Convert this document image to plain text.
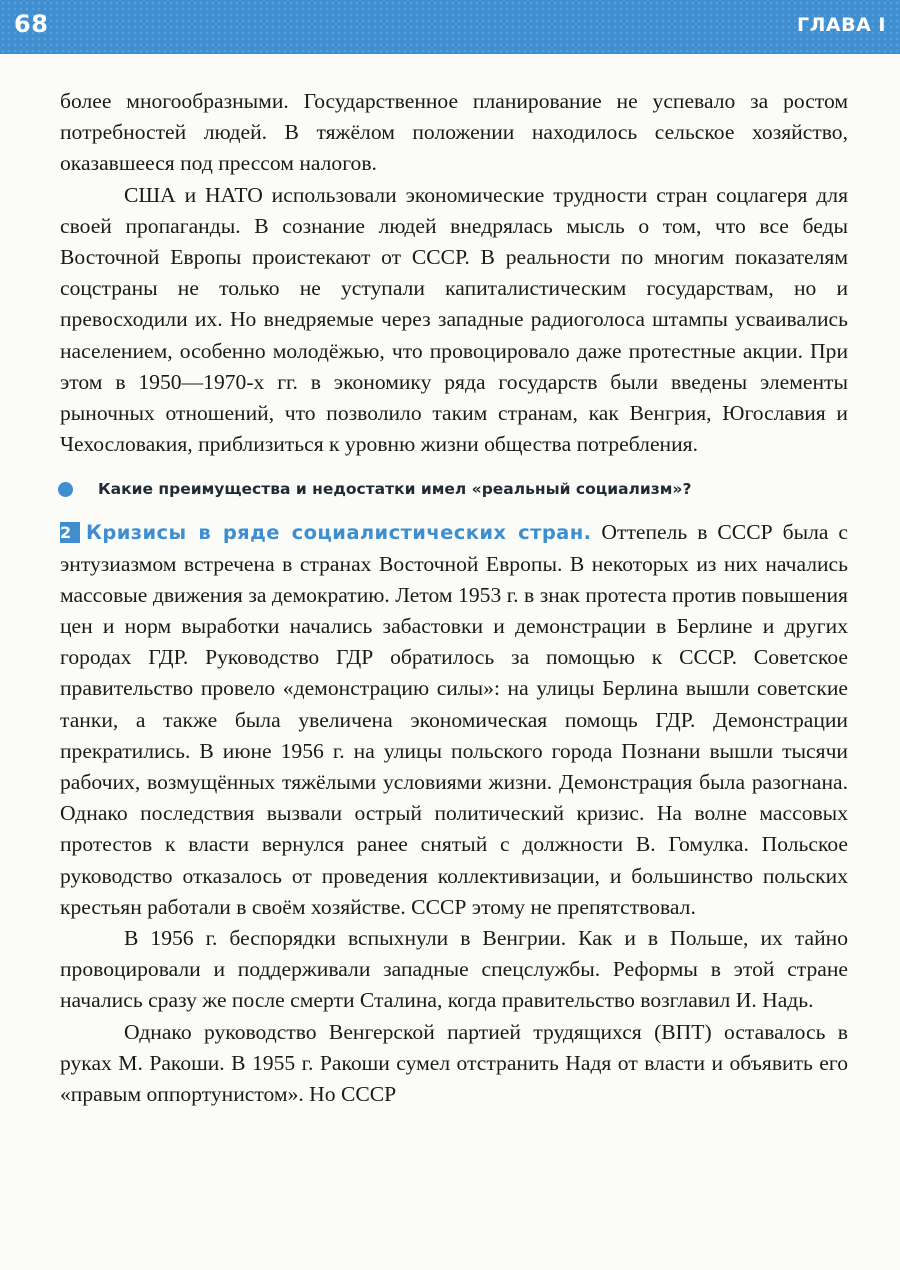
68	ГЛАВА I

более многообразными. Государственное планирование не успевало за ростом потребностей людей. В тяжёлом положении находилось сельское хозяйство, оказавшееся под прессом налогов.

США и НАТО использовали экономические трудности стран соцлагеря для своей пропаганды. В сознание людей внедрялась мысль о том, что все беды Восточной Европы проистекают от СССР. В реальности по многим показателям соцстраны не только не уступали капиталистическим государствам, но и превосходили их. Но внедряемые через западные радиоголоса штампы усваивались населением, особенно молодёжью, что провоцировало даже протестные акции. При этом в 1950—1970-х гг. в экономику ряда государств были введены элементы рыночных отношений, что позволило таким странам, как Венгрия, Югославия и Чехословакия, приблизиться к уровню жизни общества потребления.

Какие преимущества и недостатки имел «реальный социализм»?

2 Кризисы в ряде социалистических стран. Оттепель в СССР была с энтузиазмом встречена в странах Восточной Европы. В некоторых из них начались массовые движения за демократию. Летом 1953 г. в знак протеста против повышения цен и норм выработки начались забастовки и демонстрации в Берлине и других городах ГДР. Руководство ГДР обратилось за помощью к СССР. Советское правительство провело «демонстрацию силы»: на улицы Берлина вышли советские танки, а также была увеличена экономическая помощь ГДР. Демонстрации прекратились. В июне 1956 г. на улицы польского города Познани вышли тысячи рабочих, возмущённых тяжёлыми условиями жизни. Демонстрация была разогнана. Однако последствия вызвали острый политический кризис. На волне массовых протестов к власти вернулся ранее снятый с должности В. Гомулка. Польское руководство отказалось от проведения коллективизации, и большинство польских крестьян работали в своём хозяйстве. СССР этому не препятствовал.

В 1956 г. беспорядки вспыхнули в Венгрии. Как и в Польше, их тайно провоцировали и поддерживали западные спецслужбы. Реформы в этой стране начались сразу же после смерти Сталина, когда правительство возглавил И. Надь.

Однако руководство Венгерской партией трудящихся (ВПТ) оставалось в руках М. Ракоши. В 1955 г. Ракоши сумел отстранить Надя от власти и объявить его «правым оппортунистом». Но СССР
